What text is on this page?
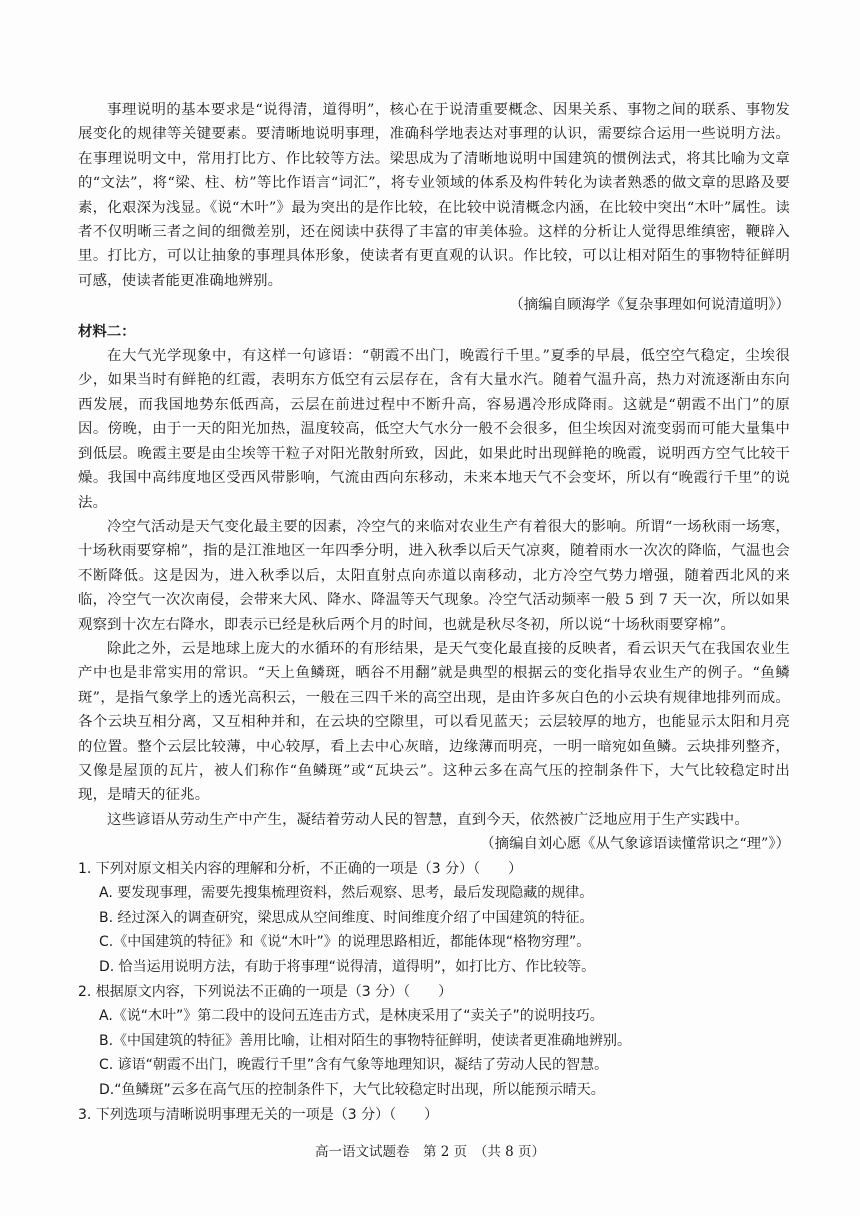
事理说明的基本要求是“说得清，道得明”，核心在于说清重要概念、因果关系、事物之间的联系、事物发展变化的规律等关键要素。要清晰地说明事理，准确科学地表达对事理的认识，需要综合运用一些说明方法。在事理说明文中，常用打比方、作比较等方法。梁思成为了清晰地说明中国建筑的惯例法式，将其比喻为文章的“文法”，将“梁、柱、枋”等比作语言“词汇”，将专业领域的体系及构件转化为读者熟悉的做文章的思路及要素，化艰深为浅显。《说“木叶”》最为突出的是作比较，在比较中说清概念内涵，在比较中突出“木叶”属性。读者不仅明晰三者之间的细微差别，还在阅读中获得了丰富的审美体验。这样的分析让人觉得思维缜密，鞭辟入里。打比方，可以让抽象的事理具体形象，使读者有更直观的认识。作比较，可以让相对陌生的事物特征鲜明可感，使读者能更准确地辨别。

（摘编自顾海学《复杂事理如何说清道明》）

材料二：

在大气光学现象中，有这样一句谚语：“朝霞不出门，晚霞行千里。”夏季的早晨，低空空气稳定，尘埃很少，如果当时有鲜艳的红霞，表明东方低空有云层存在，含有大量水汽。随着气温升高，热力对流逐渐由东向西发展，而我国地势东低西高，云层在前进过程中不断升高，容易遇冷形成降雨。这就是“朝霞不出门”的原因。傍晚，由于一天的阳光加热，温度较高，低空大气水分一般不会很多，但尘埃因对流变弱而可能大量集中到低层。晚霞主要是由尘埃等干粒子对阳光散射所致，因此，如果此时出现鲜艳的晚霞，说明西方空气比较干燥。我国中高纬度地区受西风带影响，气流由西向东移动，未来本地天气不会变坏，所以有“晚霞行千里”的说法。

冷空气活动是天气变化最主要的因素，冷空气的来临对农业生产有着很大的影响。所谓“一场秋雨一场寒，十场秋雨要穿棉”，指的是江淮地区一年四季分明，进入秋季以后天气凉爽，随着雨水一次次的降临，气温也会不断降低。这是因为，进入秋季以后，太阳直射点向赤道以南移动，北方冷空气势力增强，随着西北风的来临，冷空气一次次南侵，会带来大风、降水、降温等天气现象。冷空气活动频率一般 5 到 7 天一次，所以如果观察到十次左右降水，即表示已经是秋后两个月的时间，也就是秋尽冬初，所以说“十场秋雨要穿棉”。

除此之外，云是地球上庞大的水循环的有形结果，是天气变化最直接的反映者，看云识天气在我国农业生产中也是非常实用的常识。“天上鱼鳞斑，晒谷不用翻”就是典型的根据云的变化指导农业生产的例子。“鱼鳞斑”，是指气象学上的透光高积云，一般在三四千米的高空出现，是由许多灰白色的小云块有规律地排列而成。各个云块互相分离，又互相种并和，在云块的空隙里，可以看见蓝天；云层较厚的地方，也能显示太阳和月亮的位置。整个云层比较薄，中心较厚，看上去中心灰暗，边缘薄而明亮，一明一暗宛如鱼鳞。云块排列整齐，又像是屋顶的瓦片，被人们称作“鱼鳞斑”或“瓦块云”。这种云多在高气压的控制条件下，大气比较稳定时出现，是晴天的征兆。

这些谚语从劳动生产中产生，凝结着劳动人民的智慧，直到今天，依然被广泛地应用于生产实践中。

（摘编自刘心愿《从气象谚语读懂常识之“理”》）

1. 下列对原文相关内容的理解和分析，不正确的一项是（3 分）（　　）

A. 要发现事理，需要先搜集梳理资料，然后观察、思考，最后发现隐藏的规律。

B. 经过深入的调查研究，梁思成从空间维度、时间维度介绍了中国建筑的特征。

C.《中国建筑的特征》和《说“木叶”》的说理思路相近，都能体现“格物穷理”。

D. 恰当运用说明方法，有助于将事理“说得清，道得明”，如打比方、作比较等。

2. 根据原文内容，下列说法不正确的一项是（3 分）（　　）

A.《说“木叶”》第二段中的设问五连击方式，是林庚采用了“卖关子”的说明技巧。

B.《中国建筑的特征》善用比喻，让相对陌生的事物特征鲜明，使读者更准确地辨别。

C. 谚语“朝霞不出门，晚霞行千里”含有气象等地理知识，凝结了劳动人民的智慧。

D.“鱼鳞斑”云多在高气压的控制条件下，大气比较稳定时出现，所以能预示晴天。

3. 下列选项与清晰说明事理无关的一项是（3 分）（　　）

高一语文试题卷　第 2 页　（共 8 页）
